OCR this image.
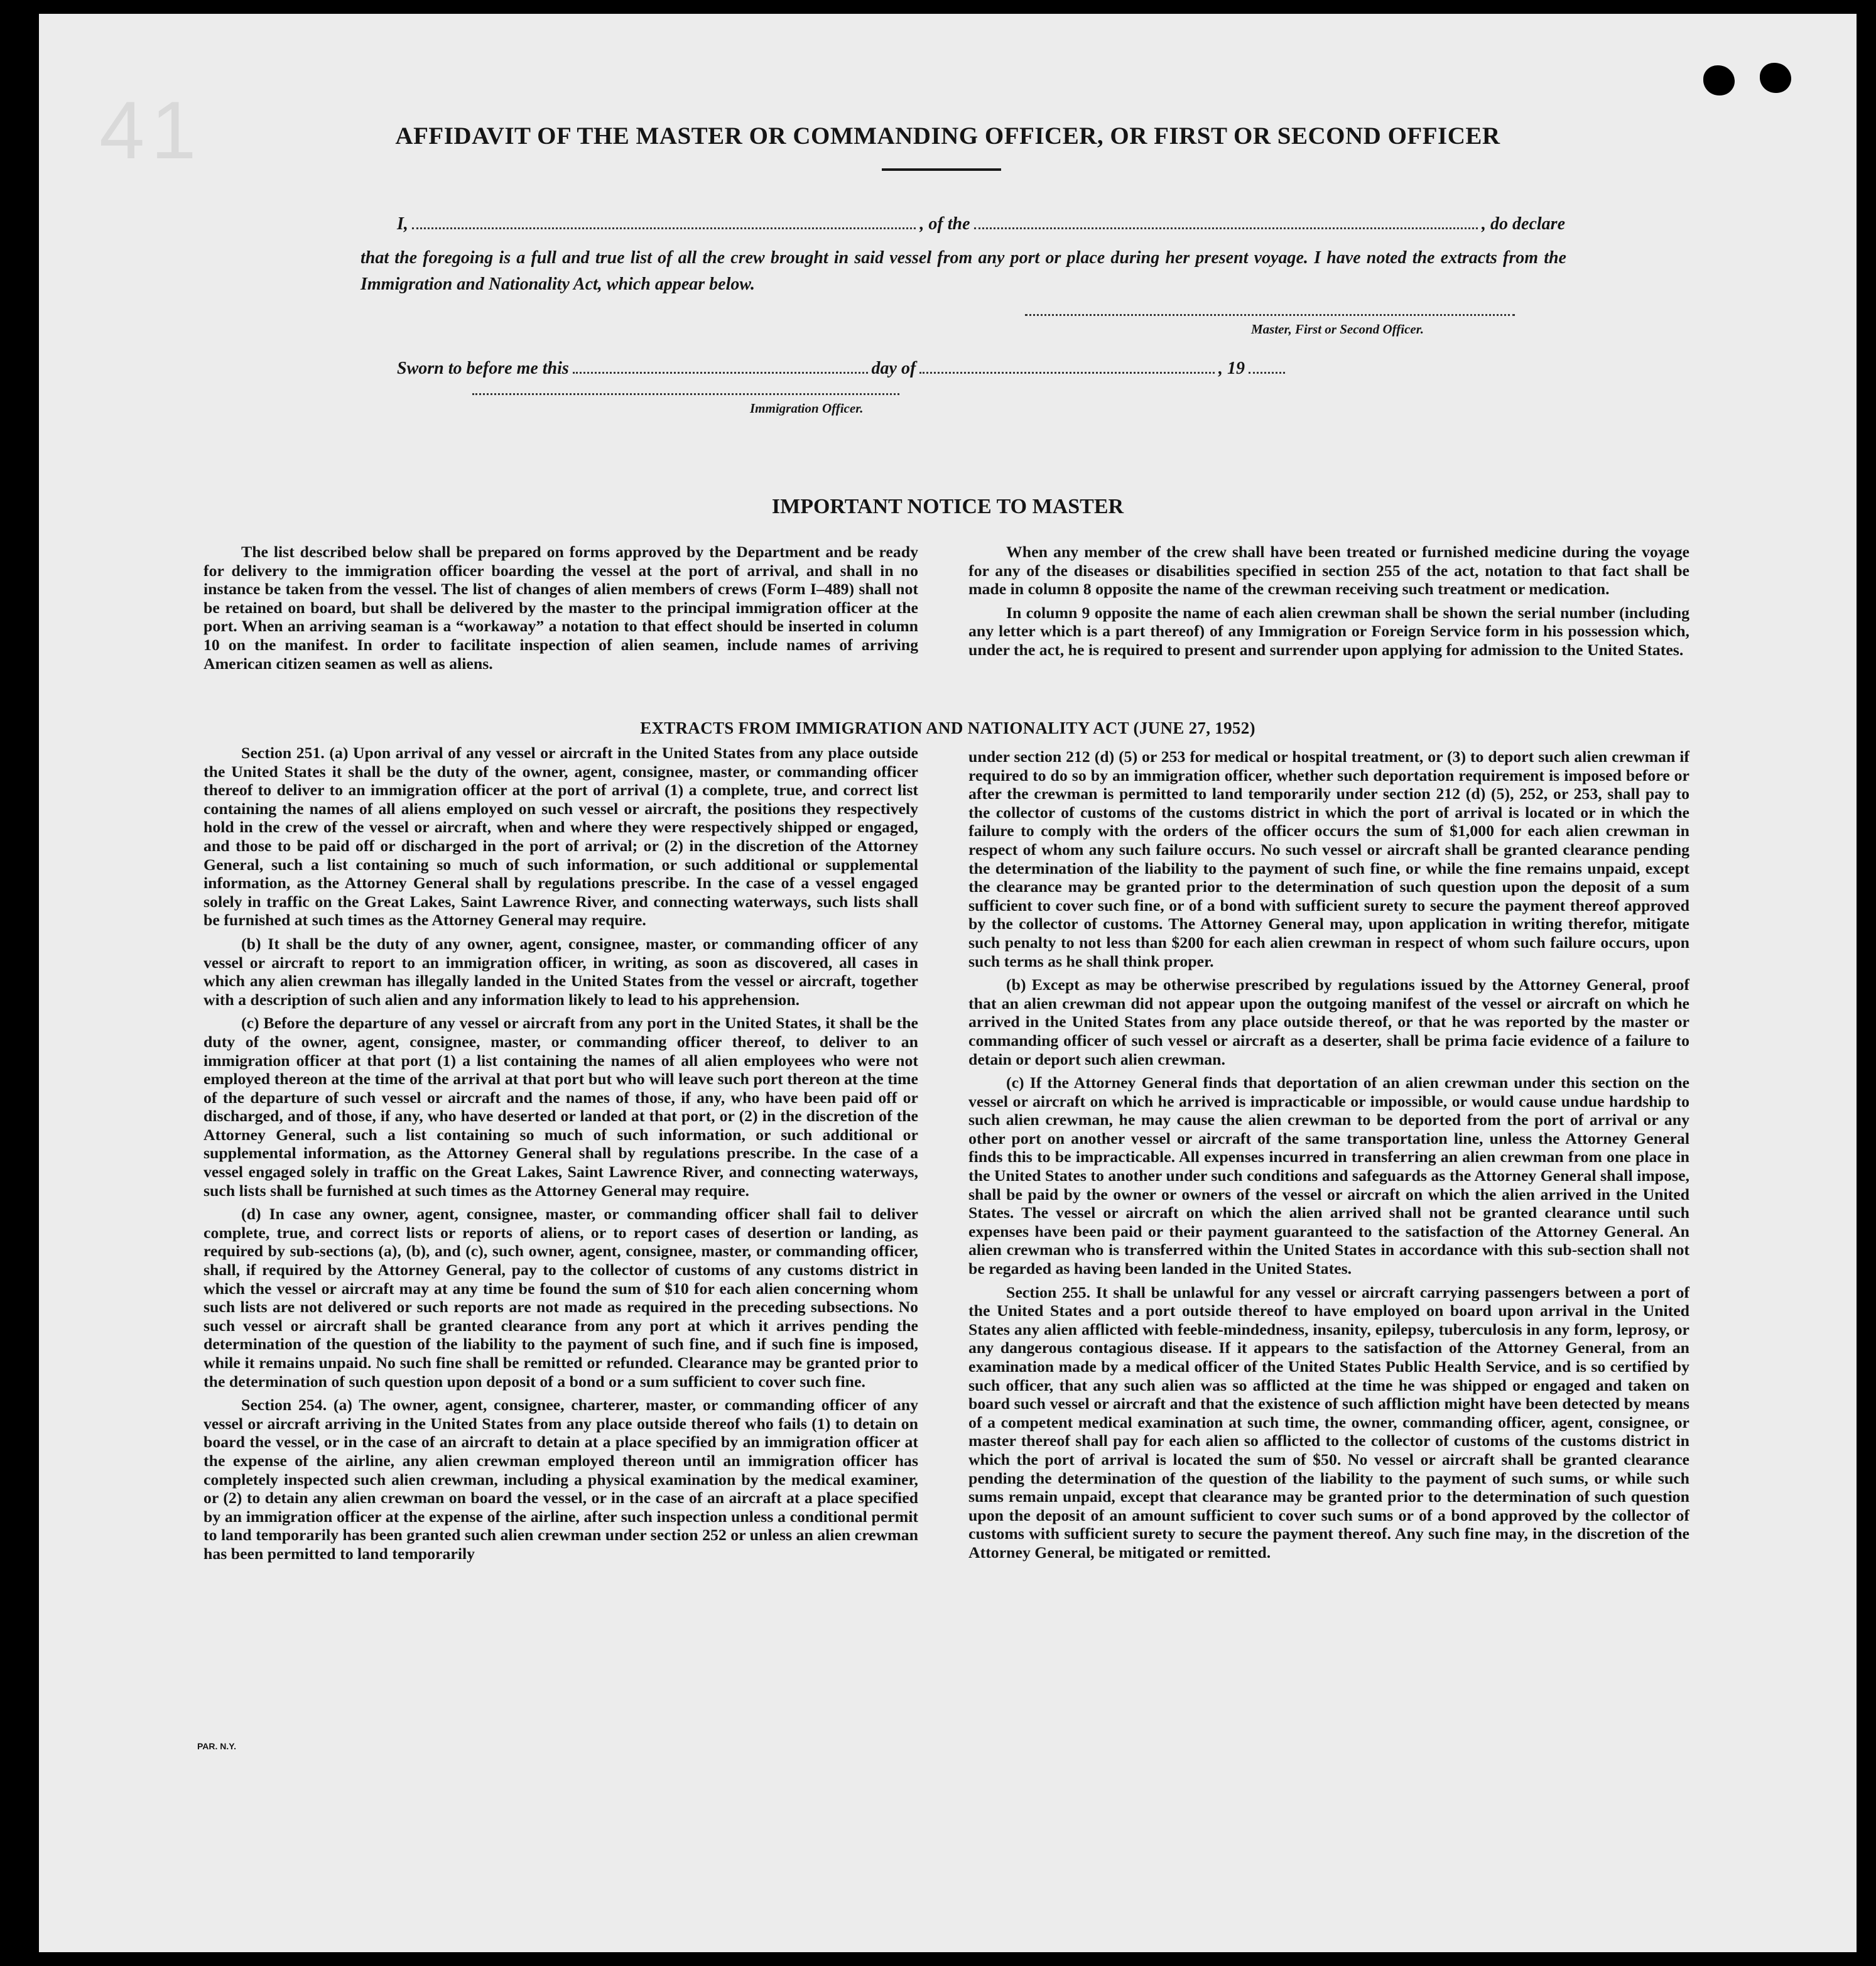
41	AFFIDAVIT OF THE MASTER OR COMMANDING OFFICER, OR FIRST OR SECOND OFFICER
I,	, of the	, do declare
that the foregoing is a full and true list of all the crew brought in said vessel from any port or place during her present voyage. I have noted the extracts from the Immigration and Nationality Act, which appear below.
Master, First or Second Officer.
Sworn to before me this	day of	, 19
Immigration Officer.
IMPORTANT NOTICE TO MASTER

The list described below shall be prepared on forms approved by the Department and be ready for delivery to the immigration officer boarding the vessel at the port of arrival, and shall in no instance be taken from the vessel. The list of changes of alien members of crews (Form I–489) shall not be retained on board, but shall be delivered by the master to the principal immigration officer at the port. When an arriving seaman is a “workaway” a notation to that effect should be inserted in column 10 on the manifest. In order to facilitate inspection of alien seamen, include names of arriving American citizen seamen as well as aliens.

When any member of the crew shall have been treated or furnished medicine during the voyage for any of the diseases or disabilities specified in section 255 of the act, notation to that fact shall be made in column 8 opposite the name of the crewman receiving such treatment or medication.

In column 9 opposite the name of each alien crewman shall be shown the serial number (including any letter which is a part thereof) of any Immigration or Foreign Service form in his possession which, under the act, he is required to present and surrender upon applying for admission to the United States.

EXTRACTS FROM IMMIGRATION AND NATIONALITY ACT (JUNE 27, 1952)

Section 251. (a) Upon arrival of any vessel or aircraft in the United States from any place outside the United States it shall be the duty of the owner, agent, consignee, master, or commanding officer thereof to deliver to an immigration officer at the port of arrival (1) a complete, true, and correct list containing the names of all aliens employed on such vessel or aircraft, the positions they respectively hold in the crew of the vessel or aircraft, when and where they were respectively shipped or engaged, and those to be paid off or discharged in the port of arrival; or (2) in the discretion of the Attorney General, such a list containing so much of such information, or such additional or supplemental information, as the Attorney General shall by regulations prescribe. In the case of a vessel engaged solely in traffic on the Great Lakes, Saint Lawrence River, and connecting waterways, such lists shall be furnished at such times as the Attorney General may require.

(b) It shall be the duty of any owner, agent, consignee, master, or commanding officer of any vessel or aircraft to report to an immigration officer, in writing, as soon as discovered, all cases in which any alien crewman has illegally landed in the United States from the vessel or aircraft, together with a description of such alien and any information likely to lead to his apprehension.

(c) Before the departure of any vessel or aircraft from any port in the United States, it shall be the duty of the owner, agent, consignee, master, or commanding officer thereof, to deliver to an immigration officer at that port (1) a list containing the names of all alien employees who were not employed thereon at the time of the arrival at that port but who will leave such port thereon at the time of the departure of such vessel or aircraft and the names of those, if any, who have been paid off or discharged, and of those, if any, who have deserted or landed at that port, or (2) in the discretion of the Attorney General, such a list containing so much of such information, or such additional or supplemental information, as the Attorney General shall by regulations prescribe. In the case of a vessel engaged solely in traffic on the Great Lakes, Saint Lawrence River, and connecting waterways, such lists shall be furnished at such times as the Attorney General may require.

(d) In case any owner, agent, consignee, master, or commanding officer shall fail to deliver complete, true, and correct lists or reports of aliens, or to report cases of desertion or landing, as required by sub-sections (a), (b), and (c), such owner, agent, consignee, master, or commanding officer, shall, if required by the Attorney General, pay to the collector of customs of any customs district in which the vessel or aircraft may at any time be found the sum of $10 for each alien concerning whom such lists are not delivered or such reports are not made as required in the preceding subsections. No such vessel or aircraft shall be granted clearance from any port at which it arrives pending the determination of the question of the liability to the payment of such fine, and if such fine is imposed, while it remains unpaid. No such fine shall be remitted or refunded. Clearance may be granted prior to the determination of such question upon deposit of a bond or a sum sufficient to cover such fine.

Section 254. (a) The owner, agent, consignee, charterer, master, or commanding officer of any vessel or aircraft arriving in the United States from any place outside thereof who fails (1) to detain on board the vessel, or in the case of an aircraft to detain at a place specified by an immigration officer at the expense of the airline, any alien crewman employed thereon until an immigration officer has completely inspected such alien crewman, including a physical examination by the medical examiner, or (2) to detain any alien crewman on board the vessel, or in the case of an aircraft at a place specified by an immigration officer at the expense of the airline, after such inspection unless a conditional permit to land temporarily has been granted such alien crewman under section 252 or unless an alien crewman has been permitted to land temporarily

under section 212 (d) (5) or 253 for medical or hospital treatment, or (3) to deport such alien crewman if required to do so by an immigration officer, whether such deportation requirement is imposed before or after the crewman is permitted to land temporarily under section 212 (d) (5), 252, or 253, shall pay to the collector of customs of the customs district in which the port of arrival is located or in which the failure to comply with the orders of the officer occurs the sum of $1,000 for each alien crewman in respect of whom any such failure occurs. No such vessel or aircraft shall be granted clearance pending the determination of the liability to the payment of such fine, or while the fine remains unpaid, except the clearance may be granted prior to the determination of such question upon the deposit of a sum sufficient to cover such fine, or of a bond with sufficient surety to secure the payment thereof approved by the collector of customs. The Attorney General may, upon application in writing therefor, mitigate such penalty to not less than $200 for each alien crewman in respect of whom such failure occurs, upon such terms as he shall think proper.

(b) Except as may be otherwise prescribed by regulations issued by the Attorney General, proof that an alien crewman did not appear upon the outgoing manifest of the vessel or aircraft on which he arrived in the United States from any place outside thereof, or that he was reported by the master or commanding officer of such vessel or aircraft as a deserter, shall be prima facie evidence of a failure to detain or deport such alien crewman.

(c) If the Attorney General finds that deportation of an alien crewman under this section on the vessel or aircraft on which he arrived is impracticable or impossible, or would cause undue hardship to such alien crewman, he may cause the alien crewman to be deported from the port of arrival or any other port on another vessel or aircraft of the same transportation line, unless the Attorney General finds this to be impracticable. All expenses incurred in transferring an alien crewman from one place in the United States to another under such conditions and safeguards as the Attorney General shall impose, shall be paid by the owner or owners of the vessel or aircraft on which the alien arrived in the United States. The vessel or aircraft on which the alien arrived shall not be granted clearance until such expenses have been paid or their payment guaranteed to the satisfaction of the Attorney General. An alien crewman who is transferred within the United States in accordance with this sub-section shall not be regarded as having been landed in the United States.

Section 255. It shall be unlawful for any vessel or aircraft carrying passengers between a port of the United States and a port outside thereof to have employed on board upon arrival in the United States any alien afflicted with feeble-mindedness, insanity, epilepsy, tuberculosis in any form, leprosy, or any dangerous contagious disease. If it appears to the satisfaction of the Attorney General, from an examination made by a medical officer of the United States Public Health Service, and is so certified by such officer, that any such alien was so afflicted at the time he was shipped or engaged and taken on board such vessel or aircraft and that the existence of such affliction might have been detected by means of a competent medical examination at such time, the owner, commanding officer, agent, consignee, or master thereof shall pay for each alien so afflicted to the collector of customs of the customs district in which the port of arrival is located the sum of $50. No vessel or aircraft shall be granted clearance pending the determination of the question of the liability to the payment of such sums, or while such sums remain unpaid, except that clearance may be granted prior to the determination of such question upon the deposit of an amount sufficient to cover such sums or of a bond approved by the collector of customs with sufficient surety to secure the payment thereof. Any such fine may, in the discretion of the Attorney General, be mitigated or remitted.

PAR. N.Y.
